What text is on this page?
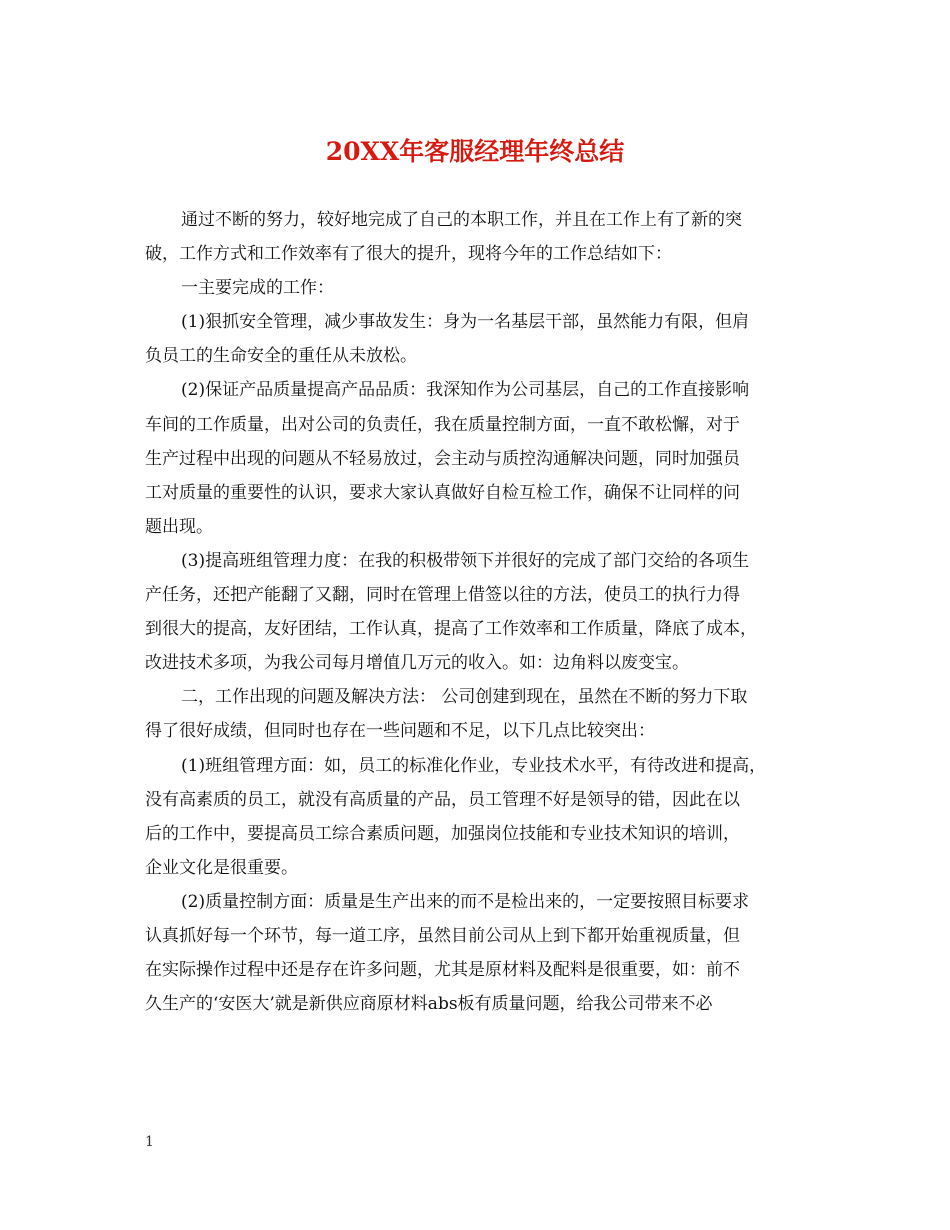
20XX年客服经理年终总结
通过不断的努力，较好地完成了自己的本职工作，并且在工作上有了新的突
破，工作方式和工作效率有了很大的提升，现将今年的工作总结如下：
一主要完成的工作：
(1)狠抓安全管理，减少事故发生：身为一名基层干部，虽然能力有限，但肩
负员工的生命安全的重任从未放松。
(2)保证产品质量提高产品品质：我深知作为公司基层，自己的工作直接影响
车间的工作质量，出对公司的负责任，我在质量控制方面，一直不敢松懈，对于
生产过程中出现的问题从不轻易放过，会主动与质控沟通解决问题，同时加强员
工对质量的重要性的认识，要求大家认真做好自检互检工作，确保不让同样的问
题出现。
(3)提高班组管理力度：在我的积极带领下并很好的完成了部门交给的各项生
产任务，还把产能翻了又翻，同时在管理上借签以往的方法，使员工的执行力得
到很大的提高，友好团结，工作认真，提高了工作效率和工作质量，降底了成本，
改进技术多项，为我公司每月增值几万元的收入。如：边角料以废变宝。
二，工作出现的问题及解决方法： 公司创建到现在，虽然在不断的努力下取
得了很好成绩，但同时也存在一些问题和不足，以下几点比较突出：
(1)班组管理方面：如，员工的标准化作业，专业技术水平，有待改进和提高，
没有高素质的员工，就没有高质量的产品，员工管理不好是领导的错，因此在以
后的工作中，要提高员工综合素质问题，加强岗位技能和专业技术知识的培训，
企业文化是很重要。
(2)质量控制方面：质量是生产出来的而不是检出来的，一定要按照目标要求
认真抓好每一个环节，每一道工序，虽然目前公司从上到下都开始重视质量，但
在实际操作过程中还是存在许多问题，尤其是原材料及配料是很重要，如：前不
久生产的‘安医大’就是新供应商原材料abs板有质量问题，给我公司带来不必
1
